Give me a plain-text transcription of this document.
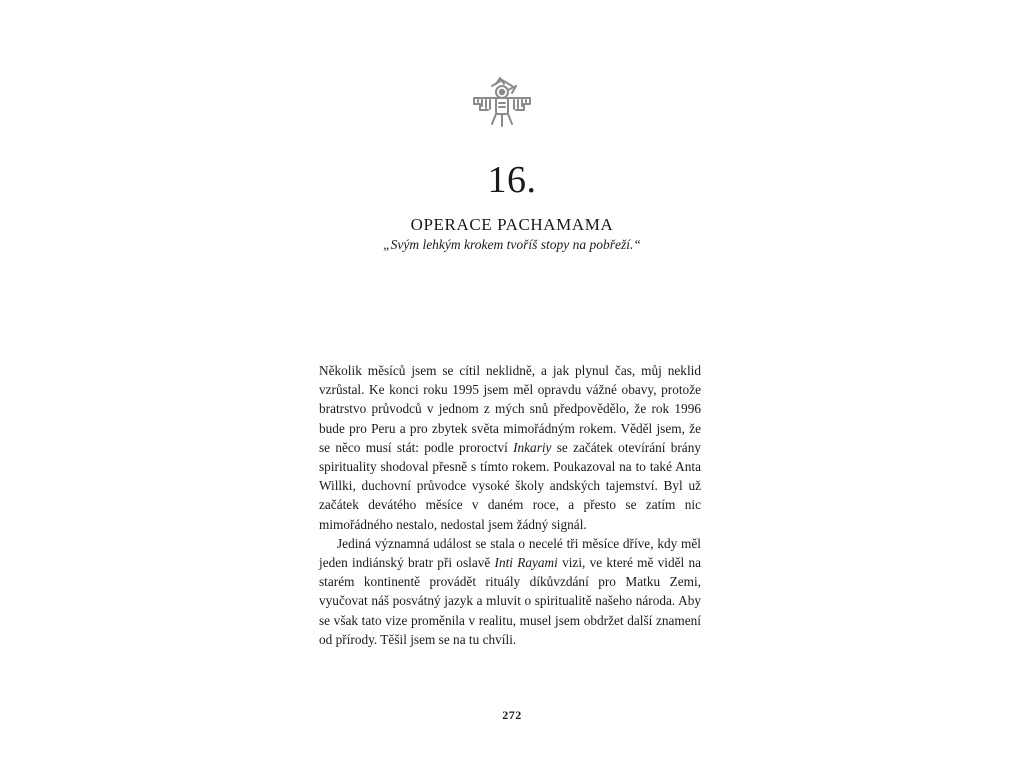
16.
OPERACE PACHAMAMA

„Svým lehkým krokem tvoříš stopy na pobřeží.“

Několik měsíců jsem se cítil neklidně, a jak plynul čas, můj neklid vzrůstal. Ke konci roku 1995 jsem měl opravdu vážné obavy, protože bratrstvo průvodců v jednom z mých snů předpovědělo, že rok 1996 bude pro Peru a pro zbytek světa mimořádným rokem. Věděl jsem, že se něco musí stát: podle proroctví Inkariy se začátek otevírání brány spirituality shodoval přesně s tímto rokem. Poukazoval na to také Anta Willki, duchovní průvodce vysoké školy andských tajemství. Byl už začátek devátého měsíce v daném roce, a přesto se zatím nic mimořádného nestalo, nedostal jsem žádný signál.

Jediná významná událost se stala o necelé tři měsíce dříve, kdy měl jeden indiánský bratr při oslavě Inti Rayami vizi, ve které mě viděl na starém kontinentě provádět rituály díkůvzdání pro Matku Zemi, vyučovat náš posvátný jazyk a mluvit o spiritualitě našeho národa. Aby se však tato vize proměnila v realitu, musel jsem obdržet další znamení od přírody. Těšil jsem se na tu chvíli.

272
